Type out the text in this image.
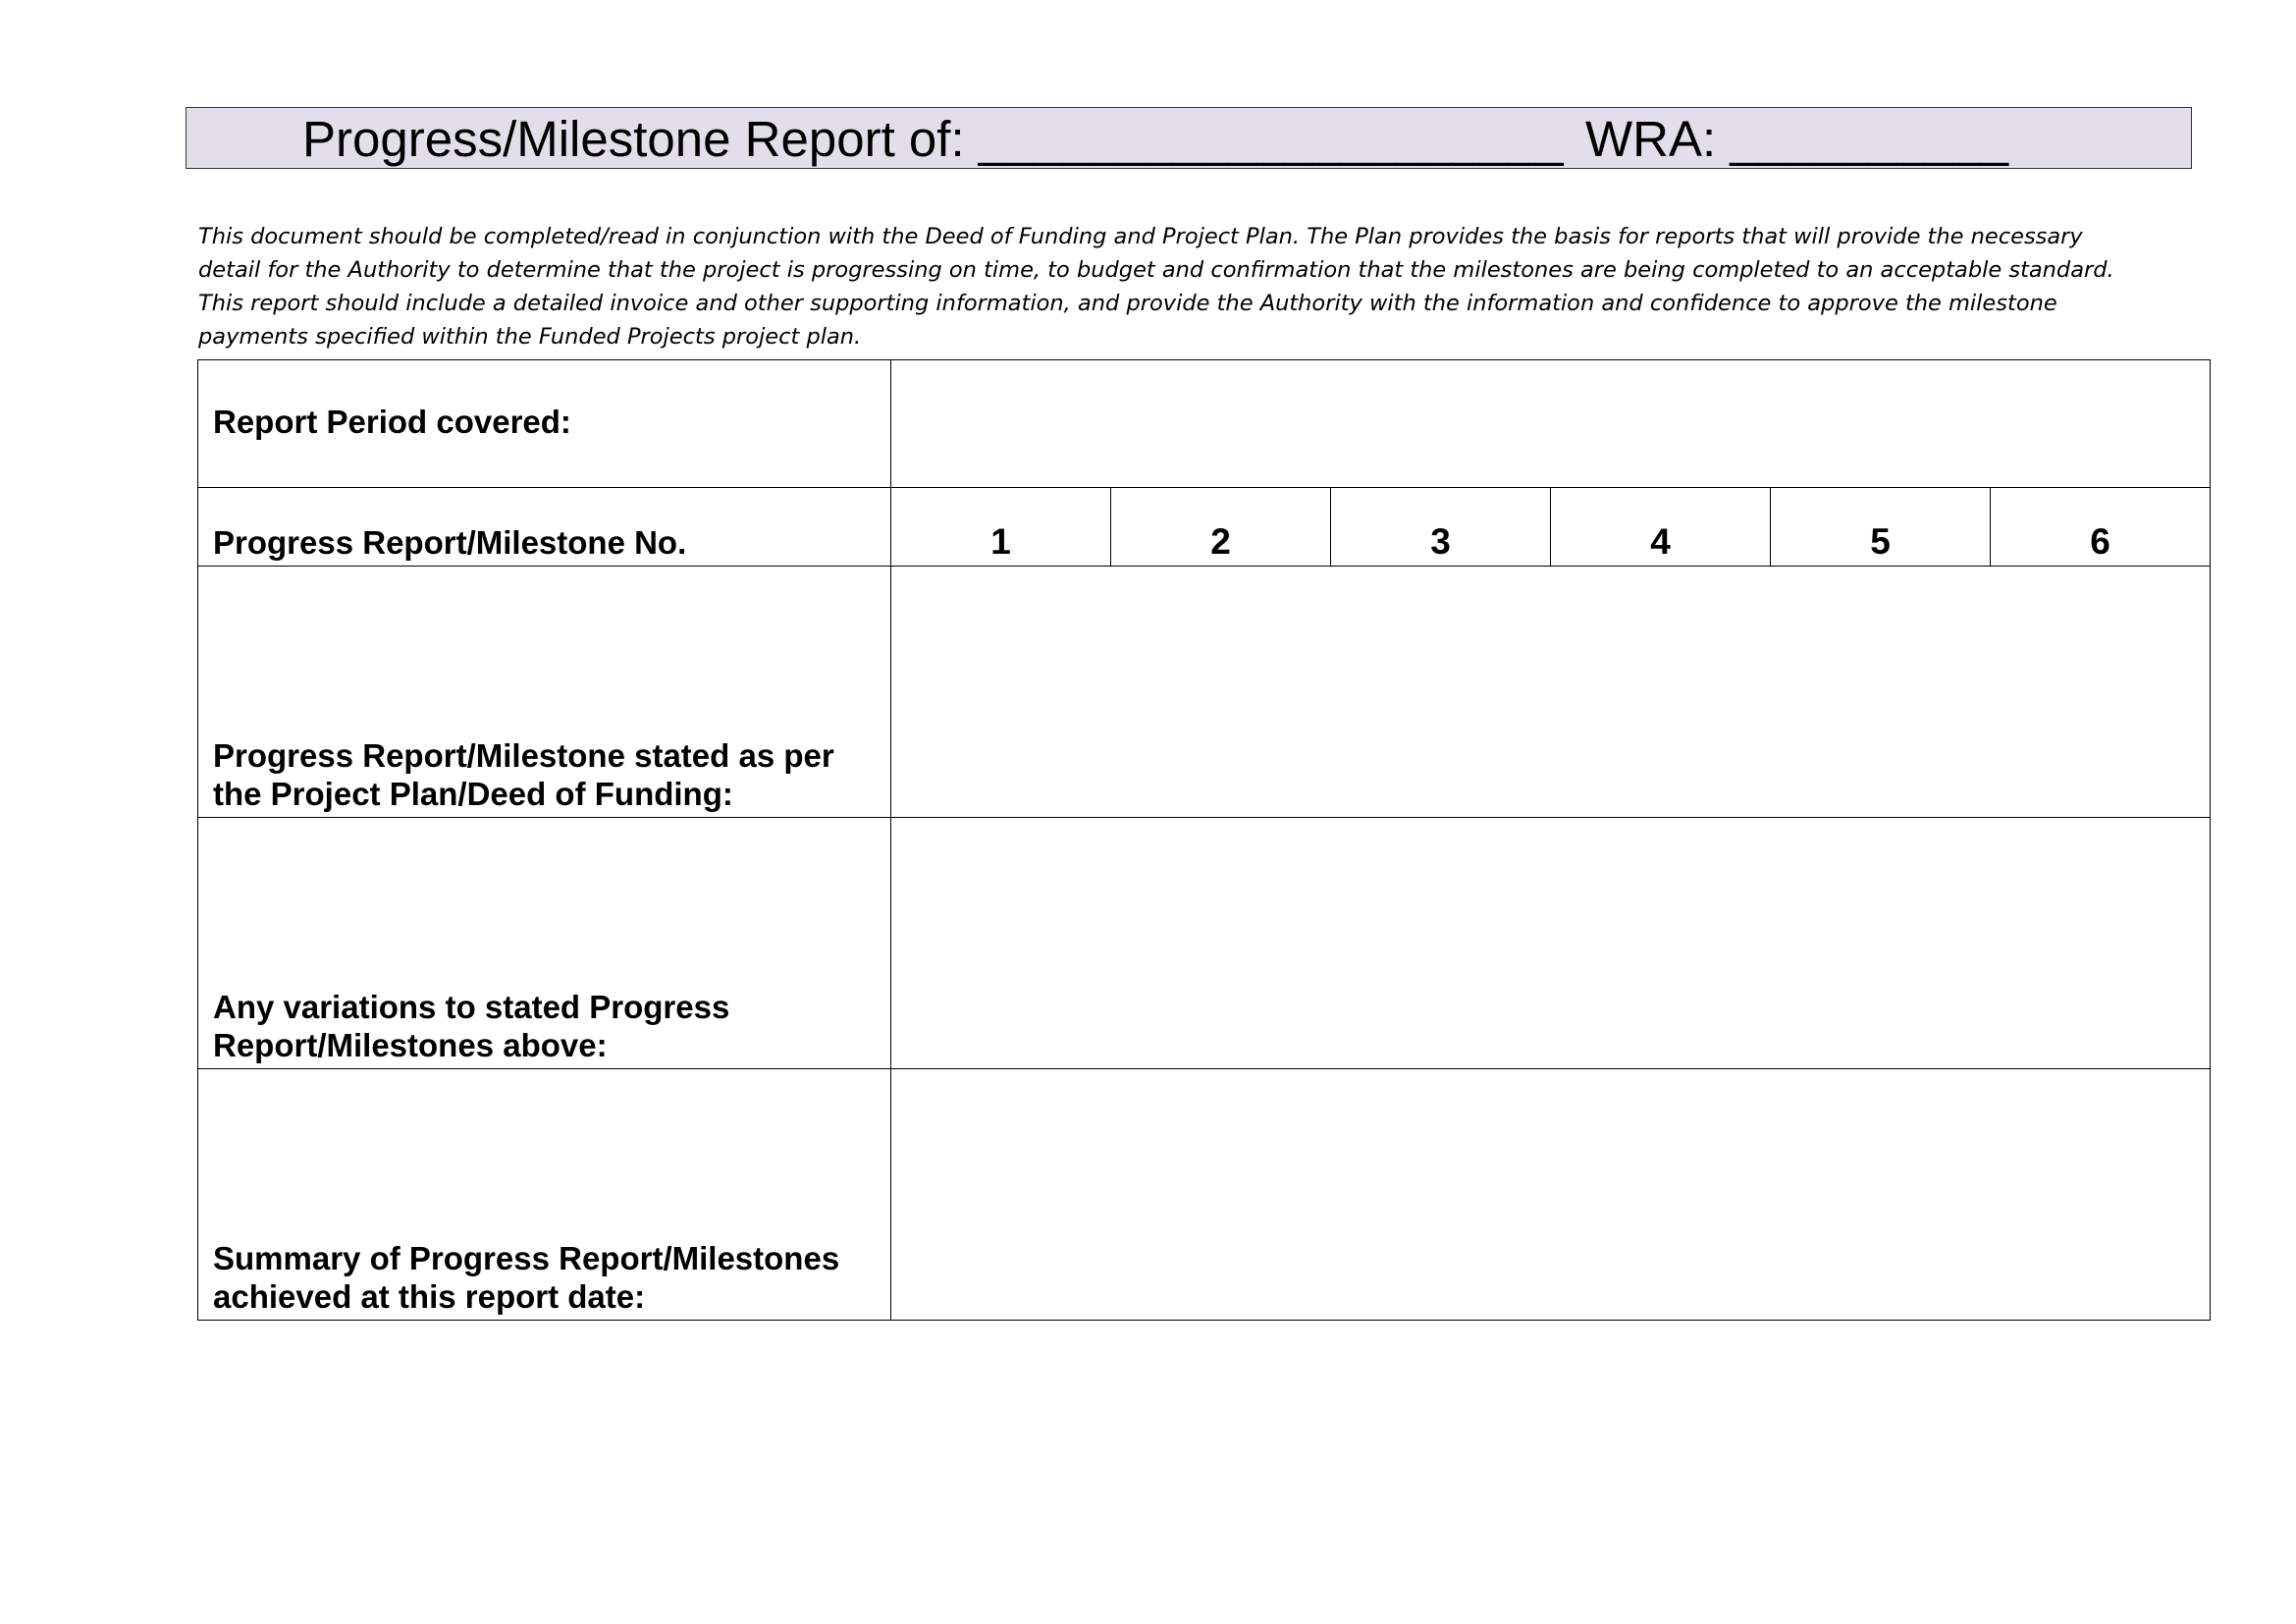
Progress/Milestone Report of: _____________________ WRA: __________

This document should be completed/read in conjunction with the Deed of Funding and Project Plan. The Plan provides the basis for reports that will provide the necessary
detail for the Authority to determine that the project is progressing on time, to budget and confirmation that the milestones are being completed to an acceptable standard.
This report should include a detailed invoice and other supporting information, and provide the Authority with the information and confidence to approve the milestone
payments specified within the Funded Projects project plan.

Report Period covered:						
Progress Report/Milestone No.	1	2	3	4	5	6

Progress Report/Milestone stated as per
the Project Plan/Deed of Funding:						

Any variations to stated Progress
Report/Milestones above:						

Summary of Progress Report/Milestones
achieved at this report date:						
